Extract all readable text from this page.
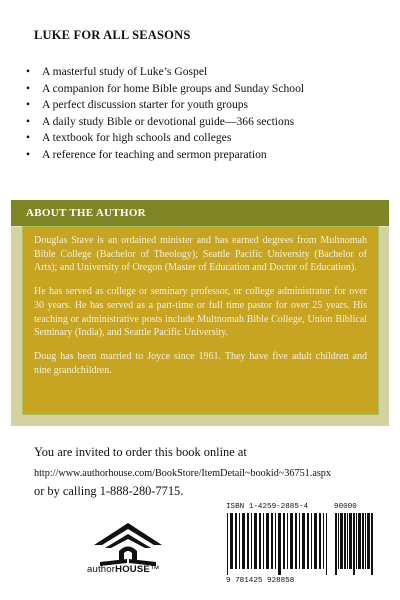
LUKE FOR ALL SEASONS
• A masterful study of Luke’s Gospel
• A companion for home Bible groups and Sunday School
• A perfect discussion starter for youth groups
• A daily study Bible or devotional guide—366 sections
• A textbook for high schools and colleges
• A reference for teaching and sermon preparation
ABOUT THE AUTHOR

Douglas Stave is an ordained minister and has earned degrees from Multnomah Bible College (Bachelor of Theology); Seattle Pacific University (Bachelor of Arts); and University of Oregon (Master of Education and Doctor of Education).

He has served as college or seminary professor, or college administrator for over 30 years. He has served as a part-time or full time pastor for over 25 years. His teaching or administrative posts include Multnomah Bible College, Union Biblical Seminary (India), and Seattle Pacific University.

Doug has been married to Joyce since 1961. They have five adult children and nine grandchildren.

You are invited to order this book online at
http://www.authorhouse.com/BookStore/ItemDetail~bookid~36751.aspx
or by calling 1-888-280-7715.
authorHOUSE™
ISBN 1-4259-2885-4	90000
9 781425 928858
